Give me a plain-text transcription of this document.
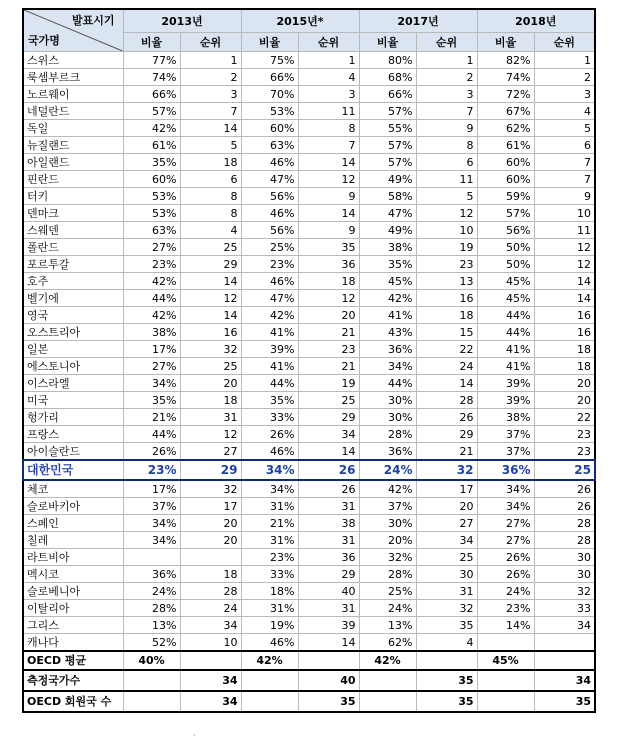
발표시기
국가명	2013년		2015년*		2017년		2018년	
	비율	순위	비율	순위	비율	순위	비율	순위
스위스	77%	1	75%	1	80%	1	82%	1
룩셈부르크	74%	2	66%	4	68%	2	74%	2
노르웨이	66%	3	70%	3	66%	3	72%	3
네덜란드	57%	7	53%	11	57%	7	67%	4
독일	42%	14	60%	8	55%	9	62%	5
뉴질랜드	61%	5	63%	7	57%	8	61%	6
아일랜드	35%	18	46%	14	57%	6	60%	7
핀란드	60%	6	47%	12	49%	11	60%	7
터키	53%	8	56%	9	58%	5	59%	9
덴마크	53%	8	46%	14	47%	12	57%	10
스웨덴	63%	4	56%	9	49%	10	56%	11
폴란드	27%	25	25%	35	38%	19	50%	12
포르투갈	23%	29	23%	36	35%	23	50%	12
호주	42%	14	46%	18	45%	13	45%	14
벨기에	44%	12	47%	12	42%	16	45%	14
영국	42%	14	42%	20	41%	18	44%	16
오스트리아	38%	16	41%	21	43%	15	44%	16
일본	17%	32	39%	23	36%	22	41%	18
에스토니아	27%	25	41%	21	34%	24	41%	18
이스라엘	34%	20	44%	19	44%	14	39%	20
미국	35%	18	35%	25	30%	28	39%	20
헝가리	21%	31	33%	29	30%	26	38%	22
프랑스	44%	12	26%	34	28%	29	37%	23
아이슬란드	26%	27	46%	14	36%	21	37%	23
대한민국	23%	29	34%	26	24%	32	36%	25
체코	17%	32	34%	26	42%	17	34%	26
슬로바키아	37%	17	31%	31	37%	20	34%	26
스페인	34%	20	21%	38	30%	27	27%	28
칠레	34%	20	31%	31	20%	34	27%	28
라트비아			23%	36	32%	25	26%	30
멕시코	36%	18	33%	29	28%	30	26%	30
슬로베니아	24%	28	18%	40	25%	31	24%	32
이탈리아	28%	24	31%	31	24%	32	23%	33
그리스	13%	34	19%	39	13%	35	14%	34
캐나다	52%	10	46%	14	62%	4		
OECD 평균	40%		42%		42%		45%	
측정국가수		34		40		35		34
OECD 회원국 수		34		35		35		35
·
